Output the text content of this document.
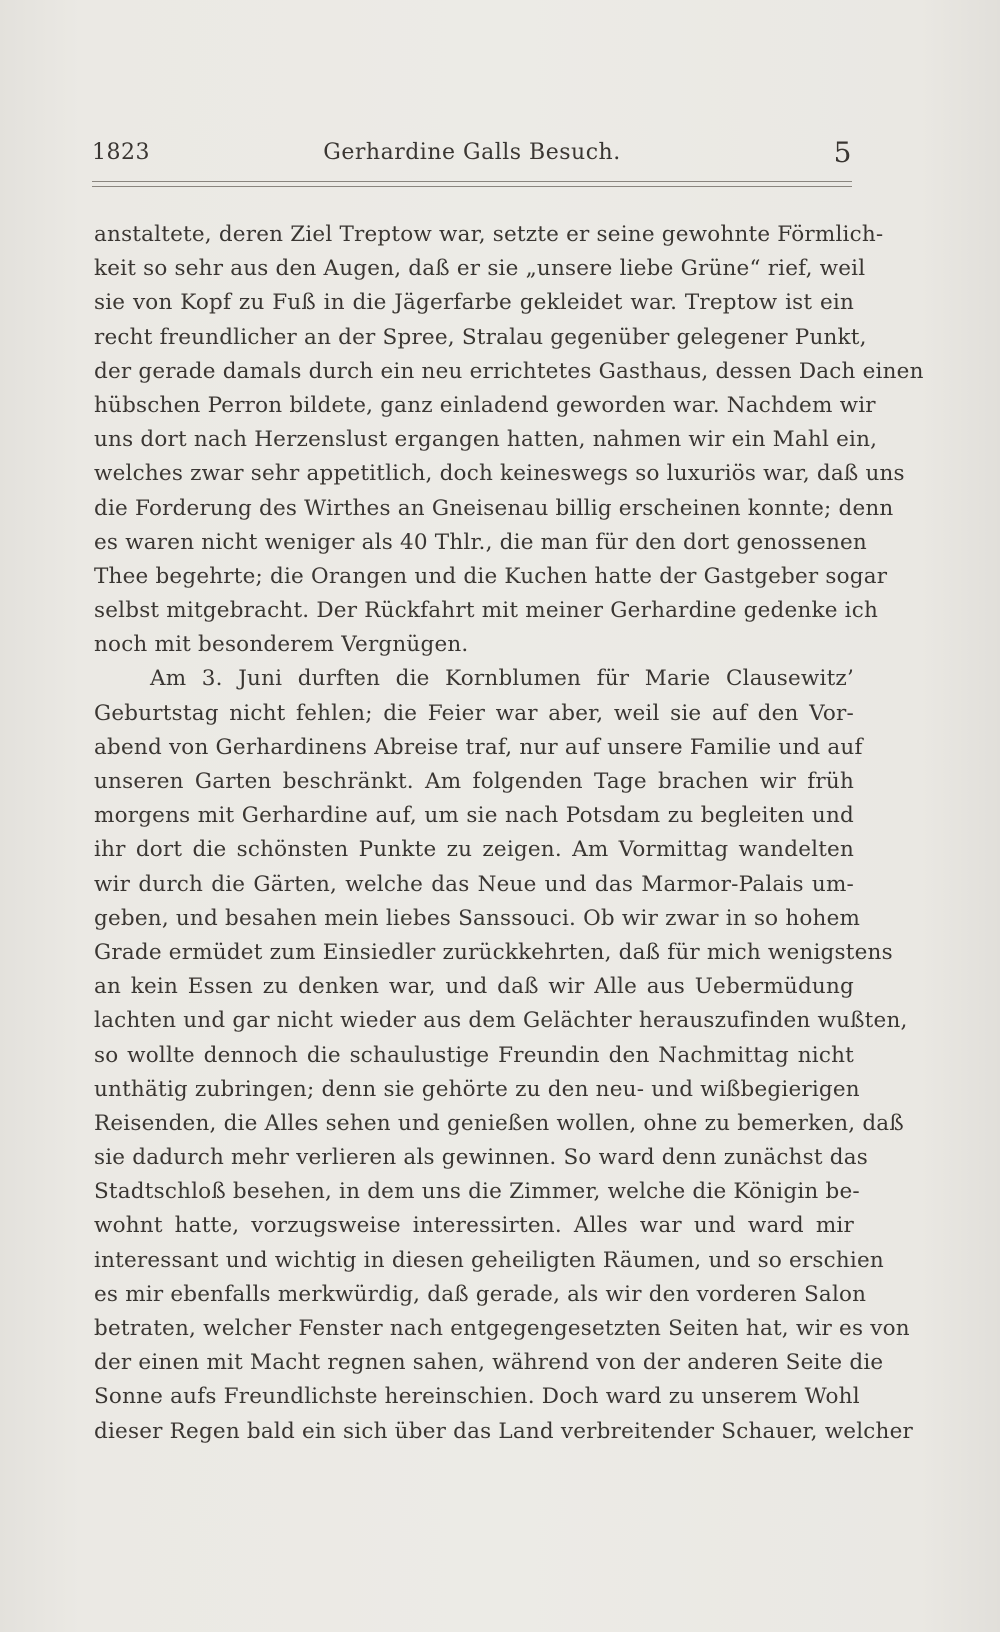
1823	Gerhardine Galls Besuch.	5
anstaltete, deren Ziel Treptow war, setzte er seine gewohnte Förmlich-
keit so sehr aus den Augen, daß er sie „unsere liebe Grüne“ rief, weil
sie von Kopf zu Fuß in die Jägerfarbe gekleidet war. Treptow ist ein
recht freundlicher an der Spree, Stralau gegenüber gelegener Punkt,
der gerade damals durch ein neu errichtetes Gasthaus, dessen Dach einen
hübschen Perron bildete, ganz einladend geworden war. Nachdem wir
uns dort nach Herzenslust ergangen hatten, nahmen wir ein Mahl ein,
welches zwar sehr appetitlich, doch keineswegs so luxuriös war, daß uns
die Forderung des Wirthes an Gneisenau billig erscheinen konnte; denn
es waren nicht weniger als 40 Thlr., die man für den dort genossenen
Thee begehrte; die Orangen und die Kuchen hatte der Gastgeber sogar
selbst mitgebracht. Der Rückfahrt mit meiner Gerhardine gedenke ich
noch mit besonderem Vergnügen.
Am 3. Juni durften die Kornblumen für Marie Clausewitz’
Geburtstag nicht fehlen; die Feier war aber, weil sie auf den Vor-
abend von Gerhardinens Abreise traf, nur auf unsere Familie und auf
unseren Garten beschränkt. Am folgenden Tage brachen wir früh
morgens mit Gerhardine auf, um sie nach Potsdam zu begleiten und
ihr dort die schönsten Punkte zu zeigen. Am Vormittag wandelten
wir durch die Gärten, welche das Neue und das Marmor-Palais um-
geben, und besahen mein liebes Sanssouci. Ob wir zwar in so hohem
Grade ermüdet zum Einsiedler zurückkehrten, daß für mich wenigstens
an kein Essen zu denken war, und daß wir Alle aus Uebermüdung
lachten und gar nicht wieder aus dem Gelächter herauszufinden wußten,
so wollte dennoch die schaulustige Freundin den Nachmittag nicht
unthätig zubringen; denn sie gehörte zu den neu- und wißbegierigen
Reisenden, die Alles sehen und genießen wollen, ohne zu bemerken, daß
sie dadurch mehr verlieren als gewinnen. So ward denn zunächst das
Stadtschloß besehen, in dem uns die Zimmer, welche die Königin be-
wohnt hatte, vorzugsweise interessirten. Alles war und ward mir
interessant und wichtig in diesen geheiligten Räumen, und so erschien
es mir ebenfalls merkwürdig, daß gerade, als wir den vorderen Salon
betraten, welcher Fenster nach entgegengesetzten Seiten hat, wir es von
der einen mit Macht regnen sahen, während von der anderen Seite die
Sonne aufs Freundlichste hereinschien. Doch ward zu unserem Wohl
dieser Regen bald ein sich über das Land verbreitender Schauer, welcher
